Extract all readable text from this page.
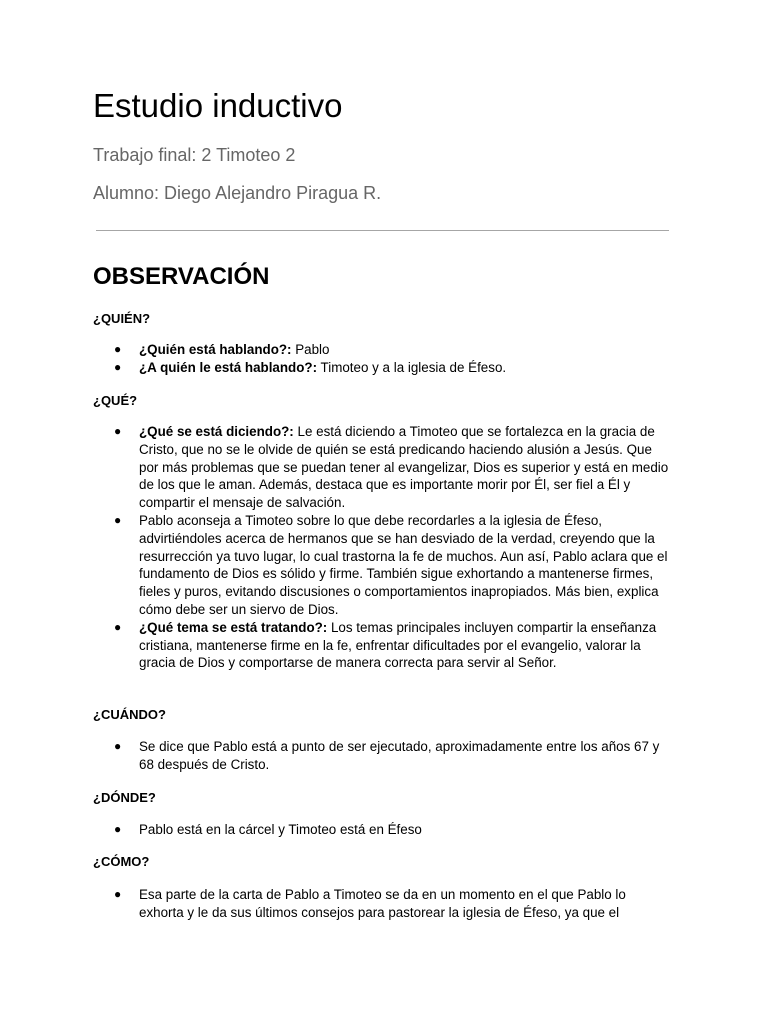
Estudio inductivo

Trabajo final: 2 Timoteo 2

Alumno: Diego Alejandro Piragua R.

OBSERVACIÓN
¿QUIÉN?
● ¿Quién está hablando?: Pablo
● ¿A quién le está hablando?: Timoteo y a la iglesia de Éfeso.
¿QUÉ?
● ¿Qué se está diciendo?: Le está diciendo a Timoteo que se fortalezca en la gracia de Cristo, que no se le olvide de quién se está predicando haciendo alusión a Jesús. Que por más problemas que se puedan tener al evangelizar, Dios es superior y está en medio de los que le aman. Además, destaca que es importante morir por Él, ser fiel a Él y compartir el mensaje de salvación.
● Pablo aconseja a Timoteo sobre lo que debe recordarles a la iglesia de Éfeso, advirtiéndoles acerca de hermanos que se han desviado de la verdad, creyendo que la resurrección ya tuvo lugar, lo cual trastorna la fe de muchos. Aun así, Pablo aclara que el fundamento de Dios es sólido y firme. También sigue exhortando a mantenerse firmes, fieles y puros, evitando discusiones o comportamientos inapropiados. Más bien, explica cómo debe ser un siervo de Dios.
● ¿Qué tema se está tratando?: Los temas principales incluyen compartir la enseñanza cristiana, mantenerse firme en la fe, enfrentar dificultades por el evangelio, valorar la gracia de Dios y comportarse de manera correcta para servir al Señor.
¿CUÁNDO?
● Se dice que Pablo está a punto de ser ejecutado, aproximadamente entre los años 67 y 68 después de Cristo.
¿DÓNDE?
● Pablo está en la cárcel y Timoteo está en Éfeso
¿CÓMO?
● Esa parte de la carta de Pablo a Timoteo se da en un momento en el que Pablo lo exhorta y le da sus últimos consejos para pastorear la iglesia de Éfeso, ya que el
